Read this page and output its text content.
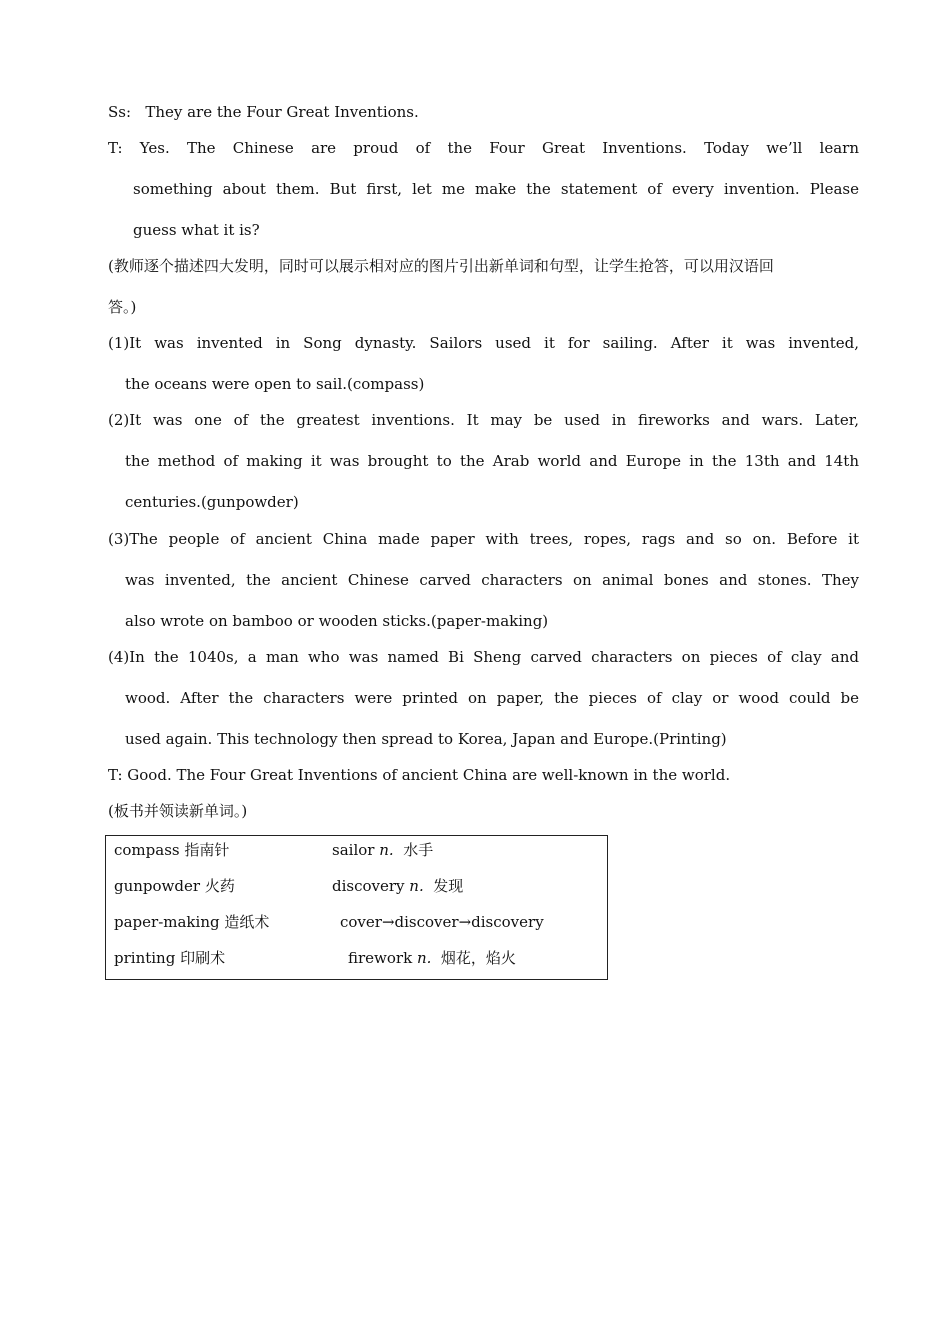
Ss:   They are the Four Great Inventions.
T: Yes. The Chinese are proud of the Four Great Inventions. Today we’ll learn
something about them. But first, let me make the statement of every invention. Please
guess what it is?
(教师逐个描述四大发明，同时可以展示相对应的图片引出新单词和句型，让学生抢答，可以用汉语回
答。)
(1)It was invented in Song dynasty. Sailors used it for sailing. After it was invented,
the oceans were open to sail.(compass)
(2)It was one of the greatest inventions. It may be used in fireworks and wars. Later,
the method of making it was brought to the Arab world and Europe in the 13th and 14th
centuries.(gunpowder)
(3)The people of ancient China made paper with trees, ropes, rags and so on. Before it
was invented, the ancient Chinese carved characters on animal bones and stones. They
also wrote on bamboo or wooden sticks.(paper-making)
(4)In the 1040s, a man who was named Bi Sheng carved characters on pieces of clay and
wood. After the characters were printed on paper, the pieces of clay or wood could be
used again. This technology then spread to Korea, Japan and Europe.(Printing)
T: Good. The Four Great Inventions of ancient China are well-known in the world.
(板书并领读新单词。)
compass 指南针
gunpowder 火药
paper-making 造纸术
printing 印刷术
sailor n.  水手
discovery n.  发现
cover→discover→discovery
firework n.  烟花，焰火
